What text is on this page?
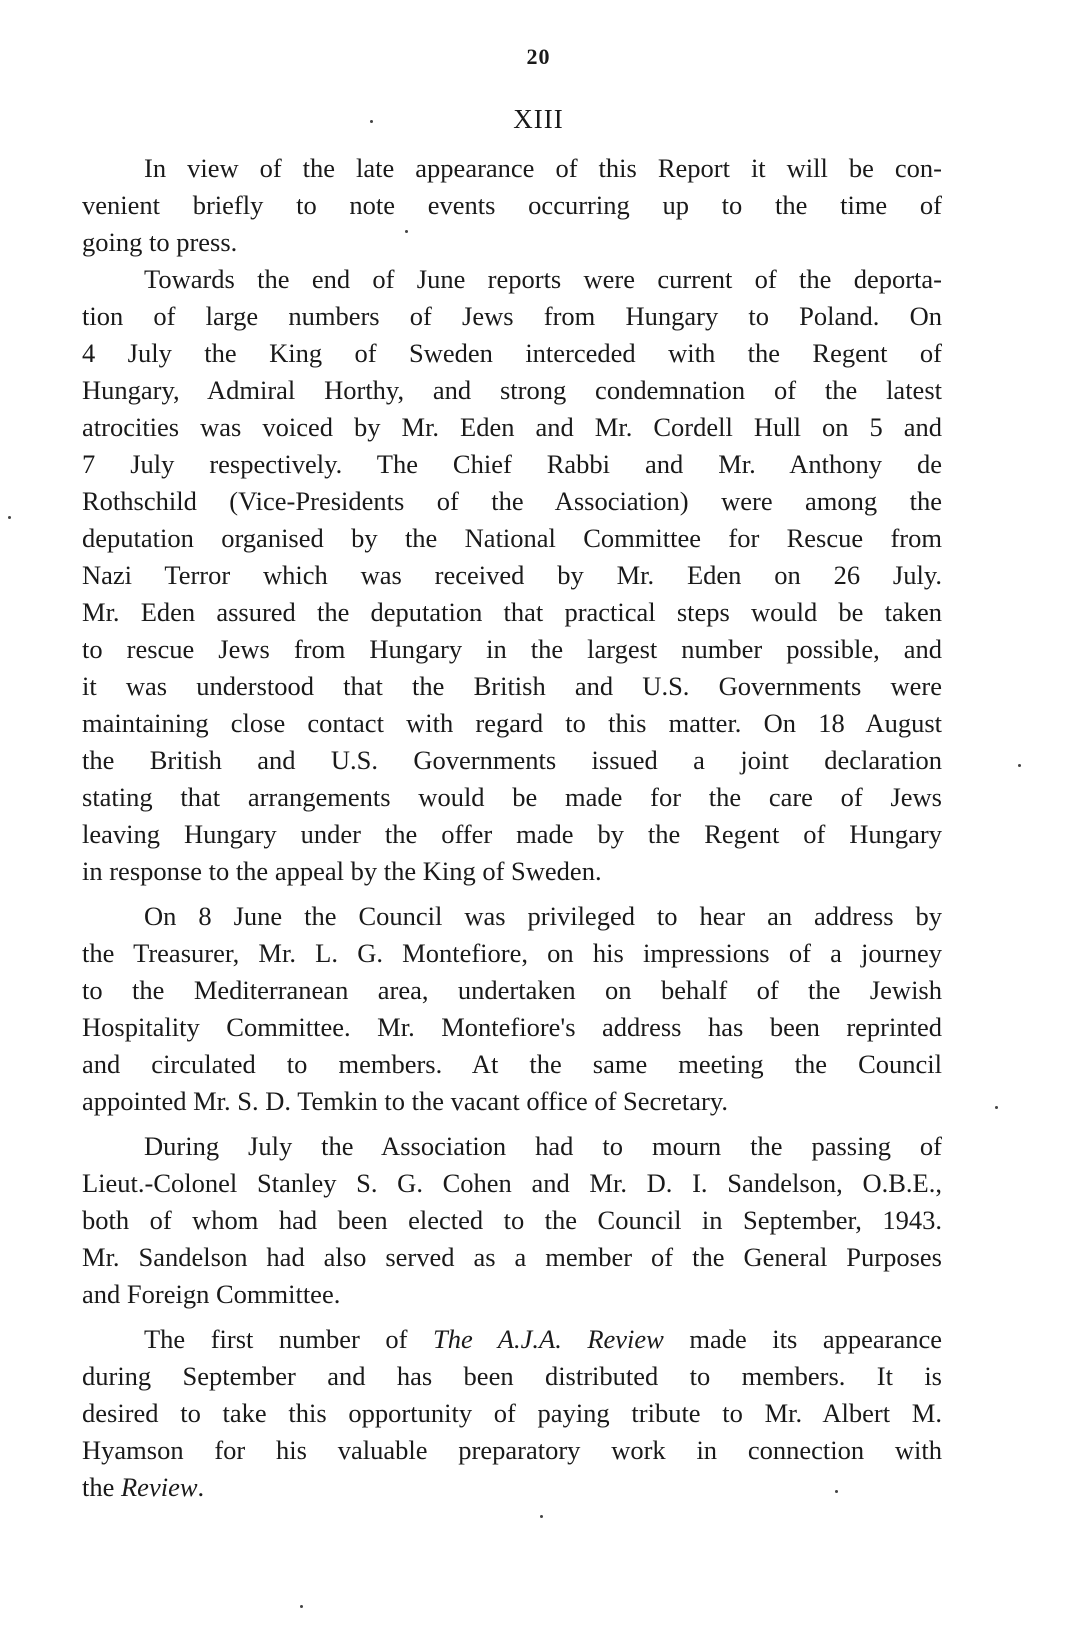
20
XIII

In view of the late appearance of this Report it will be con-
venient briefly to note events occurring up to the time of
going to press.

Towards the end of June reports were current of the deporta-
tion of large numbers of Jews from Hungary to Poland. On
4 July the King of Sweden interceded with the Regent of
Hungary, Admiral Horthy, and strong condemnation of the latest
atrocities was voiced by Mr. Eden and Mr. Cordell Hull on 5 and
7 July respectively. The Chief Rabbi and Mr. Anthony de
Rothschild (Vice-Presidents of the Association) were among the
deputation organised by the National Committee for Rescue from
Nazi Terror which was received by Mr. Eden on 26 July.
Mr. Eden assured the deputation that practical steps would be taken
to rescue Jews from Hungary in the largest number possible, and
it was understood that the British and U.S. Governments were
maintaining close contact with regard to this matter. On 18 August
the British and U.S. Governments issued a joint declaration
stating that arrangements would be made for the care of Jews
leaving Hungary under the offer made by the Regent of Hungary
in response to the appeal by the King of Sweden.

On 8 June the Council was privileged to hear an address by
the Treasurer, Mr. L. G. Montefiore, on his impressions of a journey
to the Mediterranean area, undertaken on behalf of the Jewish
Hospitality Committee. Mr. Montefiore's address has been reprinted
and circulated to members. At the same meeting the Council
appointed Mr. S. D. Temkin to the vacant office of Secretary.

During July the Association had to mourn the passing of
Lieut.-Colonel Stanley S. G. Cohen and Mr. D. I. Sandelson, O.B.E.,
both of whom had been elected to the Council in September, 1943.
Mr. Sandelson had also served as a member of the General Purposes
and Foreign Committee.

The first number of The A.J.A. Review made its appearance
during September and has been distributed to members. It is
desired to take this opportunity of paying tribute to Mr. Albert M.
Hyamson for his valuable preparatory work in connection with
the Review.
